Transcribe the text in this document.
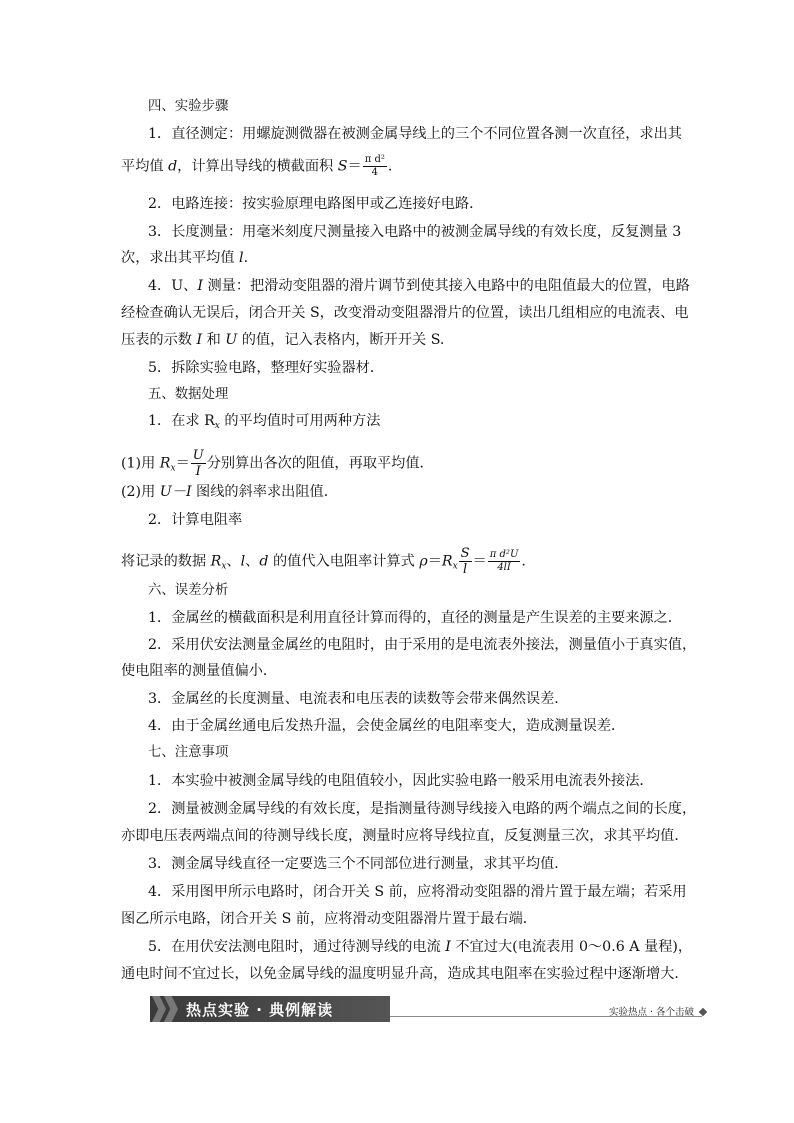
四、实验步骤
1．直径测定：用螺旋测微器在被测金属导线上的三个不同位置各测一次直径，求出其
平均值 d，计算出导线的横截面积 $S= \frac{\text{π d²}}{4}$ .
2．电路连接：按实验原理电路图甲或乙连接好电路．
3．长度测量：用毫米刻度尺测量接入电路中的被测金属导线的有效长度，反复测量 3
次，求出其平均值 l.
4．U、I 测量：把滑动变阻器的滑片调节到使其接入电路中的电阻值最大的位置，电路
经检查确认无误后，闭合开关 S，改变滑动变阻器滑片的位置，读出几组相应的电流表、电
压表的示数 I 和 U 的值，记入表格内，断开开关 S.
5．拆除实验电路，整理好实验器材．
五、数据处理
1．在求 $R_x$ 的平均值时可用两种方法
(1)用 $R_x= \frac{U}{I}$ 分别算出各次的阻值，再取平均值．
(2)用 U－I 图线的斜率求出阻值．
2．计算电阻率
将记录的数据 $R_x$、l、d 的值代入电阻率计算式 $\rho=R_x \frac{S}{l} = \frac{\text{π d²U}}{4lI}$ .
六、误差分析
1．金属丝的横截面积是利用直径计算而得的，直径的测量是产生误差的主要来源之．
2．采用伏安法测量金属丝的电阻时，由于采用的是电流表外接法，测量值小于真实值，
使电阻率的测量值偏小．
3．金属丝的长度测量、电流表和电压表的读数等会带来偶然误差．
4．由于金属丝通电后发热升温，会使金属丝的电阻率变大，造成测量误差．
七、注意事项
1．本实验中被测金属导线的电阻值较小，因此实验电路一般采用电流表外接法．
2．测量被测金属导线的有效长度，是指测量待测导线接入电路的两个端点之间的长度，
亦即电压表两端点间的待测导线长度，测量时应将导线拉直，反复测量三次，求其平均值．
3．测金属导线直径一定要选三个不同部位进行测量，求其平均值．
4．采用图甲所示电路时，闭合开关 S 前，应将滑动变阻器的滑片置于最左端；若采用
图乙所示电路，闭合开关 S 前，应将滑动变阻器滑片置于最右端．
5．在用伏安法测电阻时，通过待测导线的电流 I 不宜过大(电流表用 0～0.6 A 量程)，
通电时间不宜过长，以免金属导线的温度明显升高，造成其电阻率在实验过程中逐渐增大．
热点实验 · 典例解读	实验热点 · 各个击破
